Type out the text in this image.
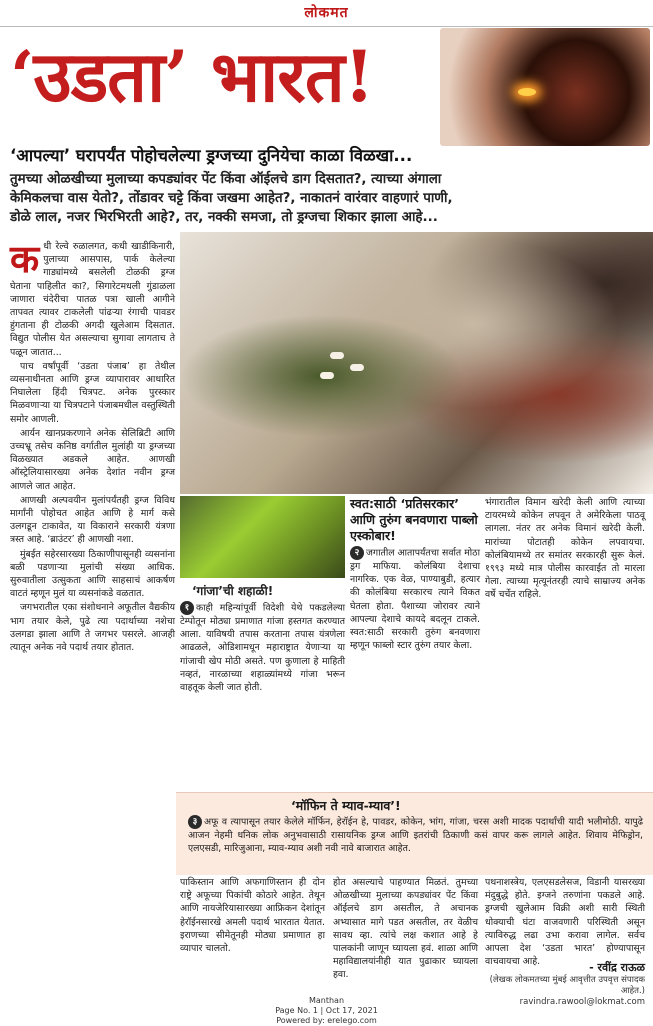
लोकमत
‘उडता’ भारत!
‘आपल्या’ घरापर्यंत पोहोचलेल्या ड्रग्जच्या दुनियेचा काळा विळखा...
तुमच्या ओळखीच्या मुलाच्या कपड्यांवर पेंट किंवा ऑईलचे डाग दिसतात?, त्याच्या अंगाला
केमिकलचा वास येतो?, तोंडावर चट्टे किंवा जखमा आहेत?, नाकातनं वारंवार वाहणारं पाणी,
डोळे लाल, नजर भिरभिरती आहे?, तर, नक्की समजा, तो ड्रग्जचा शिकार झाला आहे...

कधी रेल्वे रुळालगत, कधी खाडीकिनारी, पुलाच्या आसपास, पार्क केलेल्या गाड्यांमध्ये बसलेली टोळकी ड्रग्ज घेताना पाहिलीत का?, सिगारेटमधली गुंडाळला जाणारा चंदेरीचा पातळ पत्रा खाली आगीने तापवत त्यावर टाकलेली पांढऱ्या रंगाची पावडर हुंगताना ही टोळकी अगदी खुलेआम दिसतात. विद्युत पोलीस येत असल्याचा सुगावा लागताच ते पळून जातात...

पाच वर्षांपूर्वी ‘उडता पंजाब’ हा तेथील व्यसनाधीनता आणि ड्रग्ज व्यापारावर आधारित निघालेला हिंदी चित्रपट. अनेक पुरस्कार मिळवणाऱ्या या चित्रपटाने पंजाबमधील वस्तुस्थिती समोर आणली.

आर्यन खानप्रकरणाने अनेक सेलिब्रिटी आणि उच्चभ्रू तसेच कनिष्ठ वर्गातील मुलांही या ड्रग्जच्या विळख्यात अडकले आहेत. आणखी ऑस्ट्रेलियासारख्या अनेक देशांत नवीन ड्रग्ज आणले जात आहेत.

आणखी अल्पवयीन मुलांपर्यंतही ड्रग्ज विविध मार्गांनी पोहोचत आहेत आणि हे मार्ग कसे उलगडून टाकावेत, या विकाराने सरकारी यंत्रणा त्रस्त आहे. ‘ब्राउंटर’ ही आणखी नशा.

मुंबईत सहेरसारख्या ठिकाणीपासूनही व्यसनांना बळी पडणाऱ्या मुलांची संख्या आधिक. सुरुवातीला उत्सुकता आणि साहसाचं आकर्षण वाटतं म्हणून मुलं या व्यसनांकडे वळतात.

जगभरातील एका संशोधनाने अफूतील वैद्यकीय भाग तयार केले, पुढे त्या पदार्थाच्या नशेचा उलगडा झाला आणि ते जगभर पसरले. आजही त्यातून अनेक नवे पदार्थ तयार होतात.

‘गांजा’ची शहाळी!
१ काही महिन्यांपूर्वी विदेशी येथे पकडलेल्या टेम्पोतून मोठ्या प्रमाणात गांजा हस्तगत करण्यात आला. याविषयी तपास करताना तपास यंत्रणेला आढळले, ओडिशामधून महाराष्ट्रात येणाऱ्या या गांजाची खेप मोठी असते. पण कुणाला हे माहिती नव्हतं, नारळाच्या शहाळ्यांमध्ये गांजा भरून वाहतूक केली जात होती.
स्वत:साठी ‘प्रतिसरकार’ आणि तुरुंग बनवणारा पाब्लो एस्कोबार!
२ जगातील आतापर्यंतचा सर्वात मोठा ड्रग माफिया. कोलंबिया देशाचा नागरिक. एक वेळ, पाण्याबुडी, हत्यार की कोलंबिया सरकारच त्याने विकत घेतला होता. पैशाच्या जोरावर त्याने आपल्या देशाचे कायदे बदलून टाकले. स्वत:साठी सरकारी तुरुंग बनवणारा म्हणून फाब्लो स्टार तुरुंग तयार केला.
भंगारातील विमान खरेदी केली आणि त्याच्या टायरमध्ये कोकेन लपवून ते अमेरिकेला पाठवू लागला. नंतर तर अनेक विमानं खरेदी केली. मारांच्या पोटातही कोकेन लपवायचा. कोलंबियामध्ये तर समांतर सरकारही सुरू केलं. १९९३ मध्ये मात्र पोलीस कारवाईत तो मारला गेला. त्याच्या मृत्यूनंतरही त्याचे साम्राज्य अनेक वर्षे चर्चेत राहिले.
‘मॉफिन ते म्याव-म्याव’!
३ अफू व त्यापासून तयार केलेले मॉर्फिन, हेरॉईन हे, पावडर, कोकेन, भांग, गांजा, चरस अशी मादक पदार्थांची यादी भलीमोठी. यापुढे आजन नेहमी धनिक लोक अनुभवासाठी रासायनिक ड्रग्ज आणि इतरांची ठिकाणी कसं वापर करू लागले आहेत. शिवाय मेफिड्रोन, एलएसडी, मारिजुआना, म्याव-म्याव अशी नवी नावे बाजारात आहेत.
पाकिस्तान आणि अफगाणिस्तान ही दोन राष्ट्रे अफूच्या पिकांची कोठारे आहेत. तेथून आणि नायजेरियासारख्या आफ्रिकन देशांतून हेरॉईनसारखे अमली पदार्थ भारतात येतात. इराणच्या सीमेतूनही मोठ्या प्रमाणात हा व्यापार चालतो.
होत असल्याचे पाहण्यात मिळतं. तुमच्या ओळखीच्या मुलाच्या कपड्यांवर पेंट किंवा ऑईलचे डाग असतील, ते अचानक अभ्यासात मागे पडत असतील, तर वेळीच सावध व्हा. त्यांचे लक्ष कशात आहे हे पालकांनी जाणून घ्यायला हवं. शाळा आणि महाविद्यालयांनीही यात पुढाकार घ्यायला हवा.
पथनाशस्त्रेय, एलएसडलेसज, विडानी यासरख्या मंदुबुद्धे होते. इग्जने तरुणांना पकडले आहे. ड्रग्जची खुलेआम विक्री अशी सारी स्थिती धोक्याची घंटा वाजवणारी परिस्थिती असून त्याविरुद्ध लढा उभा करावा लागेल. सर्वच आपला देश ‘उडता भारत’ होण्यापासून वाचवायचा आहे.	- रवींद्र राऊळ
(लेखक लोकमतच्या मुंबई आवृत्तीत उपवृत्त संपादक आहेत.)
ravindra.rawool@lokmat.com
Manthan
Page No. 1 | Oct 17, 2021
Powered by: erelego.com
